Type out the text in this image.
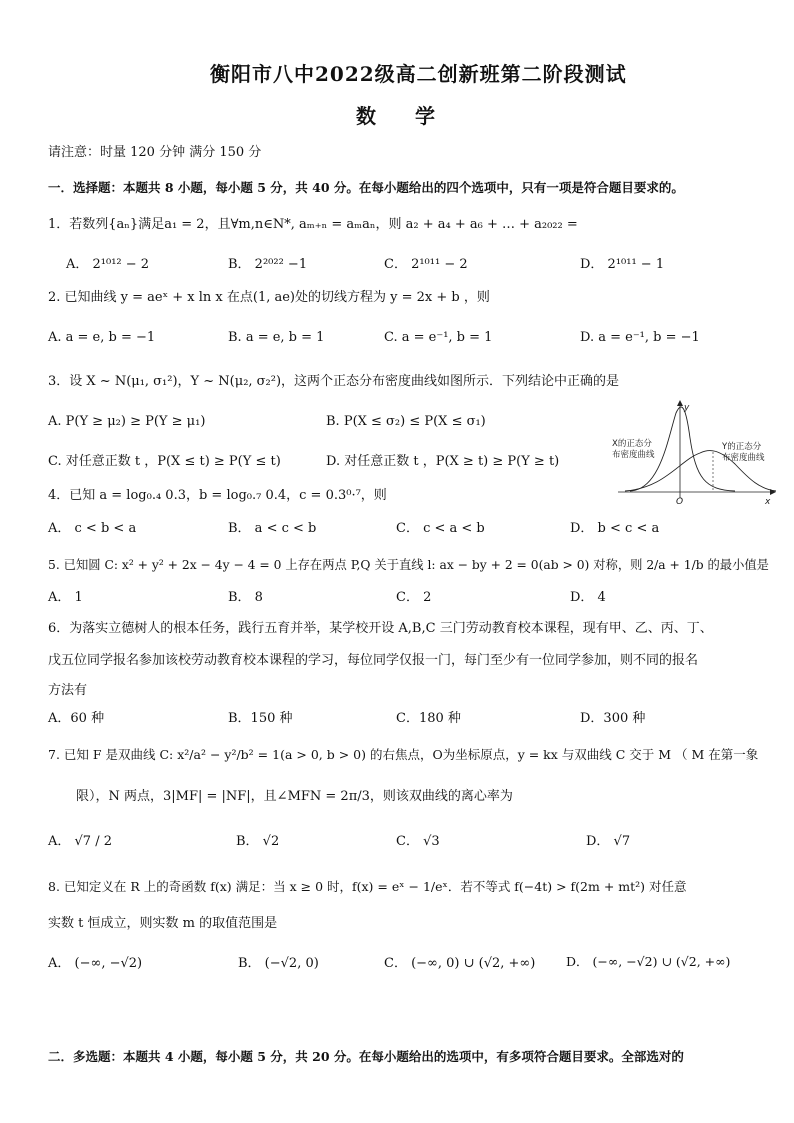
衡阳市八中2022级高二创新班第二阶段测试
数 学
请注意：时量 120 分钟 满分 150 分
一．选择题：本题共 8 小题，每小题 5 分，共 40 分。在每小题给出的四个选项中，只有一项是符合题目要求的。
1．若数列{aₙ}满足a₁ = 2，且∀m,n∈N*, aₘ₊ₙ = aₘaₙ，则 a₂ + a₄ + a₆ + … + a₂₀₂₂ =
A． 2¹⁰¹² − 2	B． 2²⁰²² −1	C． 2¹⁰¹¹ − 2	D． 2¹⁰¹¹ − 1
2. 已知曲线 y = aeˣ + x ln x 在点(1, ae)处的切线方程为 y = 2x + b ，则
A. a = e, b = −1	B. a = e, b = 1	C. a = e⁻¹, b = 1	D. a = e⁻¹, b = −1
3．设 X ~ N(μ₁, σ₁²)，Y ~ N(μ₂, σ₂²)，这两个正态分布密度曲线如图所示．下列结论中正确的是
A. P(Y ≥ μ₂) ≥ P(Y ≥ μ₁)	B. P(X ≤ σ₂) ≤ P(X ≤ σ₁)
C. 对任意正数 t ，P(X ≤ t) ≥ P(Y ≤ t)	D. 对任意正数 t ，P(X ≥ t) ≥ P(Y ≥ t)
X的正态分
布密度曲线
Y的正态分
布密度曲线
y
x
O
4．已知 a = log₀.₄ 0.3，b = log₀.₇ 0.4，c = 0.3⁰·⁷，则
A． c < b < a	B． a < c < b	C． c < a < b	D． b < c < a
5. 已知圆 C: x² + y² + 2x − 4y − 4 = 0 上存在两点 P,Q 关于直线 l: ax − by + 2 = 0(ab > 0) 对称，则 2/a + 1/b 的最小值是
A． 1	B． 8	C． 2	D． 4
6．为落实立德树人的根本任务，践行五育并举，某学校开设 A,B,C 三门劳动教育校本课程，现有甲、乙、丙、丁、
戊五位同学报名参加该校劳动教育校本课程的学习，每位同学仅报一门，每门至少有一位同学参加，则不同的报名
方法有
A．60 种	B．150 种	C．180 种	D．300 种
7. 已知 F 是双曲线 C: x²/a² − y²/b² = 1(a > 0, b > 0) 的右焦点，O为坐标原点，y = kx 与双曲线 C 交于 M （ M 在第一象
限），N 两点，3|MF| = |NF|，且∠MFN = 2π/3，则该双曲线的离心率为
A． √7 / 2	B． √2	C． √3	D． √7
8. 已知定义在 R 上的奇函数 f(x) 满足：当 x ≥ 0 时，f(x) = eˣ − 1/eˣ．若不等式 f(−4t) > f(2m + mt²) 对任意
实数 t 恒成立，则实数 m 的取值范围是
A． (−∞, −√2)	B． (−√2, 0)	C． (−∞, 0) ∪ (√2, +∞) D． (−∞, −√2) ∪ (√2, +∞)
二．多选题：本题共 4 小题，每小题 5 分，共 20 分。在每小题给出的选项中，有多项符合题目要求。全部选对的
